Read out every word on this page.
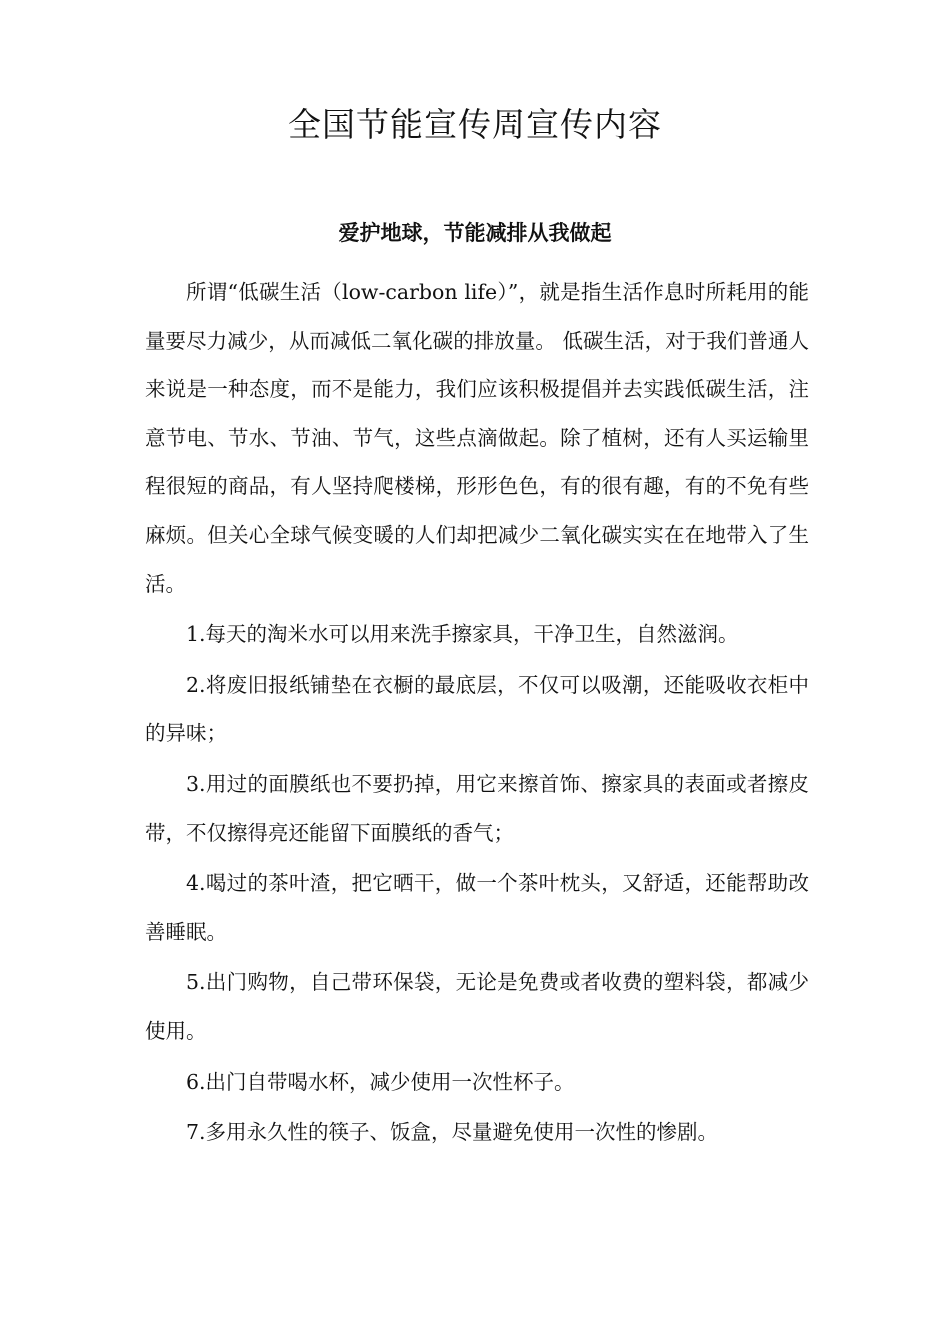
全国节能宣传周宣传内容
爱护地球，节能减排从我做起

所谓“低碳生活（low-carbon life）”，就是指生活作息时所耗用的能量要尽力减少，从而减低二氧化碳的排放量。 低碳生活，对于我们普通人来说是一种态度，而不是能力，我们应该积极提倡并去实践低碳生活，注意节电、节水、节油、节气，这些点滴做起。除了植树，还有人买运输里程很短的商品，有人坚持爬楼梯，形形色色，有的很有趣，有的不免有些麻烦。但关心全球气候变暖的人们却把减少二氧化碳实实在在地带入了生活。

1.每天的淘米水可以用来洗手擦家具，干净卫生，自然滋润。

2.将废旧报纸铺垫在衣橱的最底层，不仅可以吸潮，还能吸收衣柜中的异味；

3.用过的面膜纸也不要扔掉，用它来擦首饰、擦家具的表面或者擦皮带，不仅擦得亮还能留下面膜纸的香气；

4.喝过的茶叶渣，把它晒干，做一个茶叶枕头，又舒适，还能帮助改善睡眠。

5.出门购物，自己带环保袋，无论是免费或者收费的塑料袋，都减少使用。

6.出门自带喝水杯，减少使用一次性杯子。

7.多用永久性的筷子、饭盒，尽量避免使用一次性的惨剧。
